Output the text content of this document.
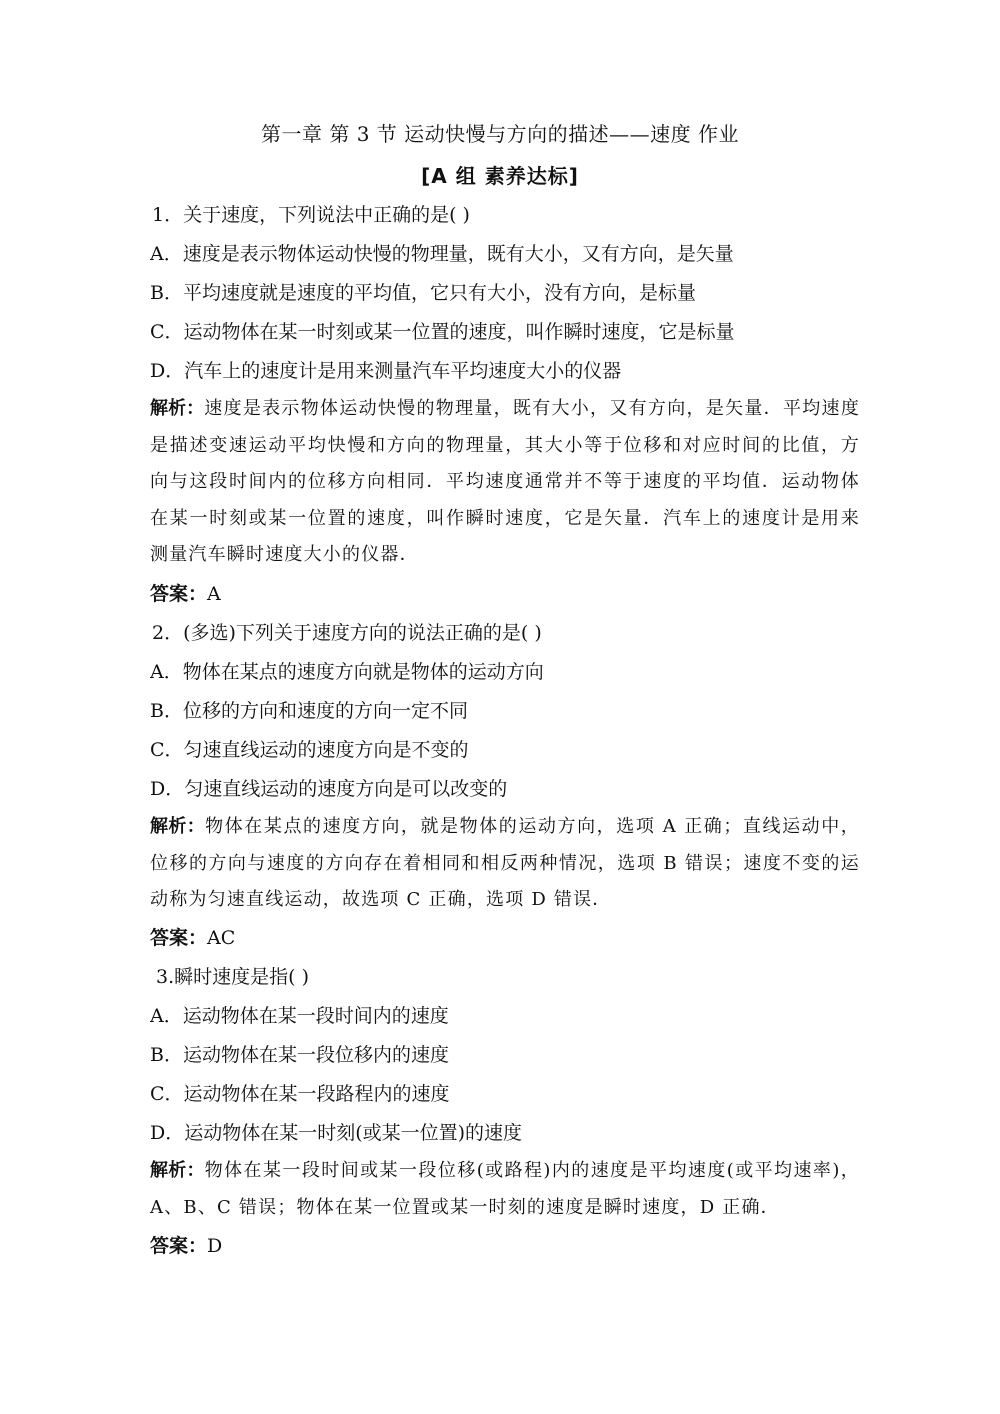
第一章 第 3 节 运动快慢与方向的描述——速度 作业
[A 组 素养达标]
1．关于速度，下列说法中正确的是( )
A．速度是表示物体运动快慢的物理量，既有大小，又有方向，是矢量
B．平均速度就是速度的平均值，它只有大小，没有方向，是标量
C．运动物体在某一时刻或某一位置的速度，叫作瞬时速度，它是标量
D．汽车上的速度计是用来测量汽车平均速度大小的仪器

解析：速度是表示物体运动快慢的物理量，既有大小，又有方向，是矢量．平均速度是描述变速运动平均快慢和方向的物理量，其大小等于位移和对应时间的比值，方向与这段时间内的位移方向相同．平均速度通常并不等于速度的平均值．运动物体在某一时刻或某一位置的速度，叫作瞬时速度，它是矢量．汽车上的速度计是用来测量汽车瞬时速度大小的仪器．

答案：A
2．(多选)下列关于速度方向的说法正确的是( )
A．物体在某点的速度方向就是物体的运动方向
B．位移的方向和速度的方向一定不同
C．匀速直线运动的速度方向是不变的
D．匀速直线运动的速度方向是可以改变的

解析：物体在某点的速度方向，就是物体的运动方向，选项 A 正确；直线运动中，位移的方向与速度的方向存在着相同和相反两种情况，选项 B 错误；速度不变的运动称为匀速直线运动，故选项 C 正确，选项 D 错误．

答案：AC
3.瞬时速度是指( )
A．运动物体在某一段时间内的速度
B．运动物体在某一段位移内的速度
C．运动物体在某一段路程内的速度
D．运动物体在某一时刻(或某一位置)的速度

解析：物体在某一段时间或某一段位移(或路程)内的速度是平均速度(或平均速率)，A、B、C 错误；物体在某一位置或某一时刻的速度是瞬时速度，D 正确．

答案：D
